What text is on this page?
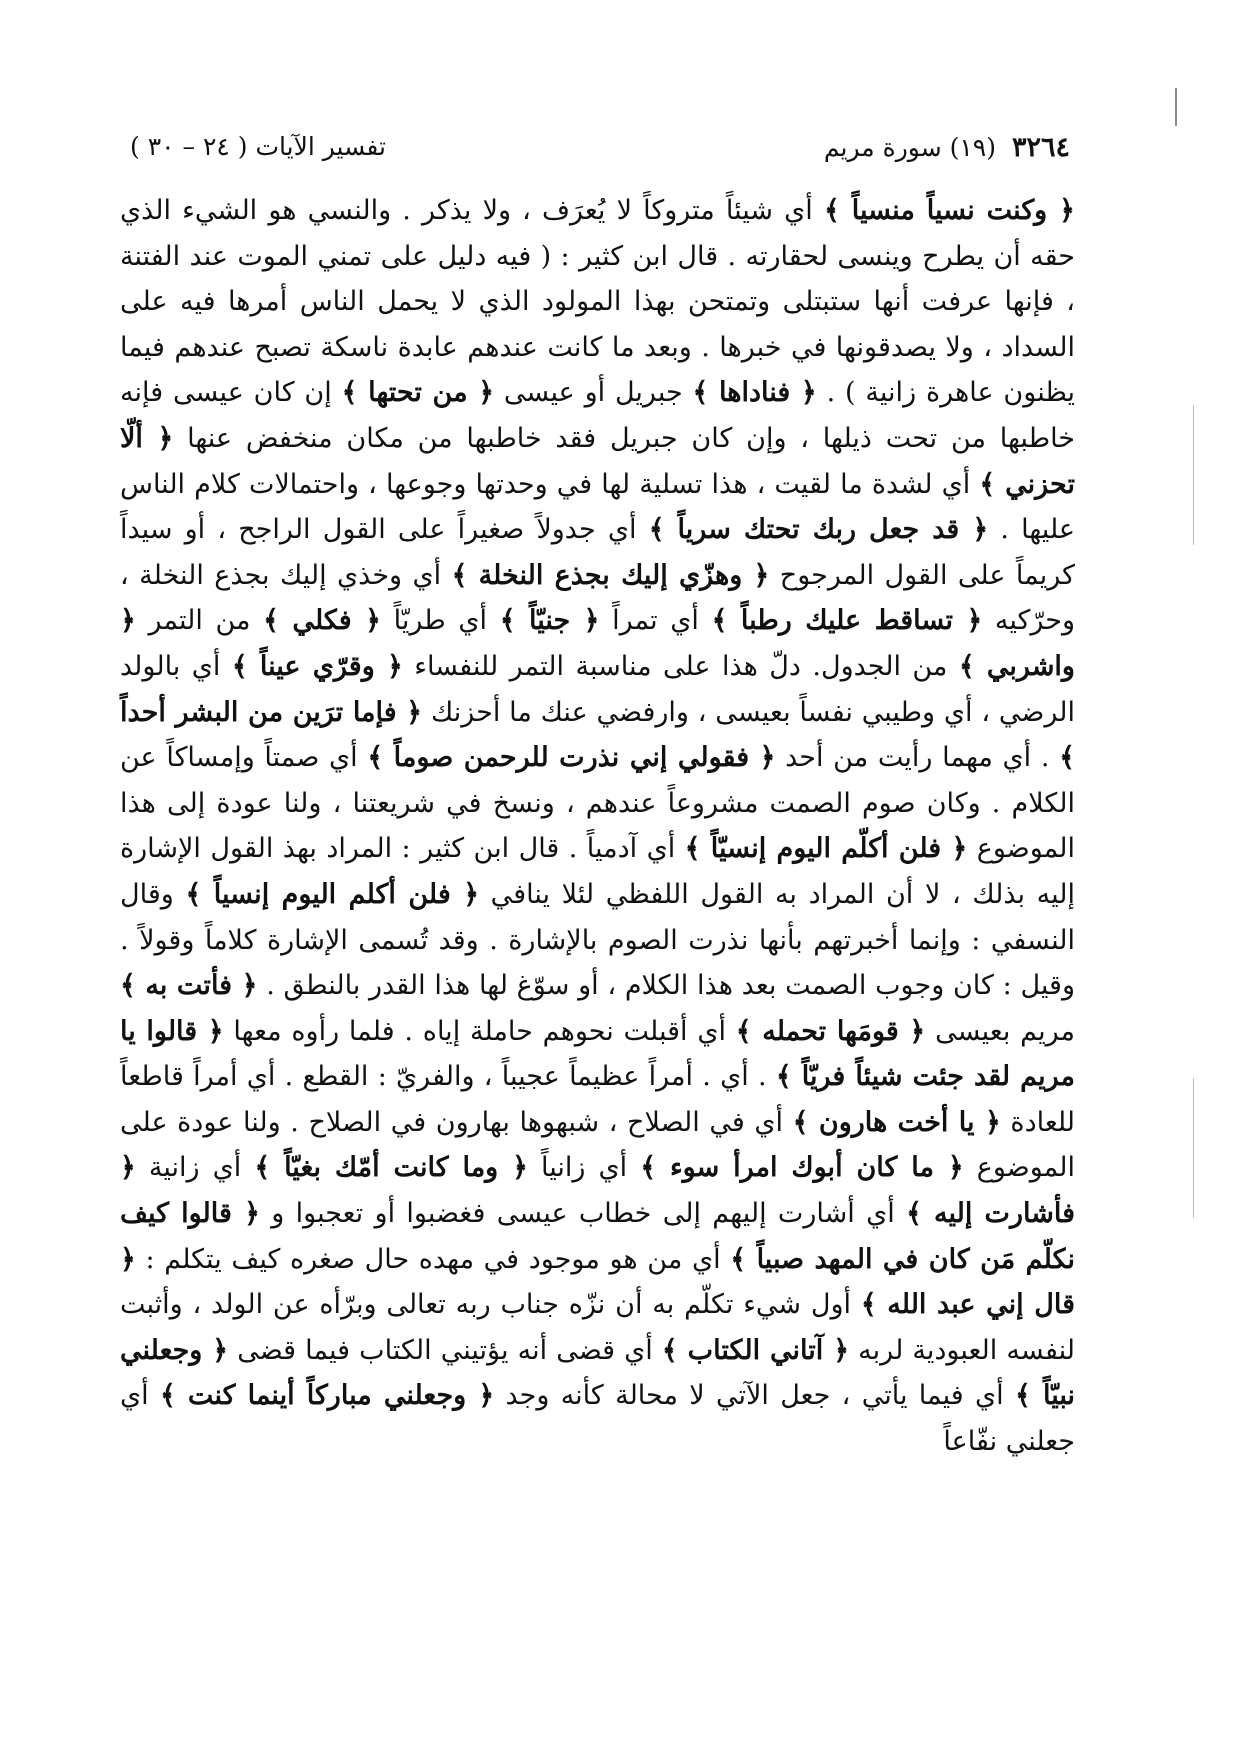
٣٢٦٤
(١٩) سورة مريم
تفسير الآيات ( ٢٤ – ٣٠ )

﴿ وكنت نسياً منسياً ﴾ أي شيئاً متروكاً لا يُعرَف ، ولا يذكر . والنسي هو الشيء الذي حقه أن يطرح وينسى لحقارته . قال ابن كثير : ( فيه دليل على تمني الموت عند الفتنة ، فإنها عرفت أنها ستبتلى وتمتحن بهذا المولود الذي لا يحمل الناس أمرها فيه على السداد ، ولا يصدقونها في خبرها . وبعد ما كانت عندهم عابدة ناسكة تصبح عندهم فيما يظنون عاهرة زانية ) . ﴿ فناداها ﴾ جبريل أو عيسى ﴿ من تحتها ﴾ إن كان عيسى فإنه خاطبها من تحت ذيلها ، وإن كان جبريل فقد خاطبها من مكان منخفض عنها ﴿ ألّا تحزني ﴾ أي لشدة ما لقيت ، هذا تسلية لها في وحدتها وجوعها ، واحتمالات كلام الناس عليها . ﴿ قد جعل ربك تحتك سرياً ﴾ أي جدولاً صغيراً على القول الراجح ، أو سيداً كريماً على القول المرجوح ﴿ وهزّي إليك بجذع النخلة ﴾ أي وخذي إليك بجذع النخلة ، وحرّكيه ﴿ تساقط عليك رطباً ﴾ أي تمراً ﴿ جنيّاً ﴾ أي طريّاً ﴿ فكلي ﴾ من التمر ﴿ واشربي ﴾ من الجدول. دلّ هذا على مناسبة التمر للنفساء ﴿ وقرّي عيناً ﴾ أي بالولد الرضي ، أي وطيبي نفساً بعيسى ، وارفضي عنك ما أحزنك ﴿ فإما ترَين من البشر أحداً ﴾ . أي مهما رأيت من أحد ﴿ فقولي إني نذرت للرحمن صوماً ﴾ أي صمتاً وإمساكاً عن الكلام . وكان صوم الصمت مشروعاً عندهم ، ونسخ في شريعتنا ، ولنا عودة إلى هذا الموضوع ﴿ فلن أكلّم اليوم إنسيّاً ﴾ أي آدمياً . قال ابن كثير : المراد بهذ القول الإشارة إليه بذلك ، لا أن المراد به القول اللفظي لئلا ينافي ﴿ فلن أكلم اليوم إنسياً ﴾ وقال النسفي : وإنما أخبرتهم بأنها نذرت الصوم بالإشارة . وقد تُسمى الإشارة كلاماً وقولاً . وقيل : كان وجوب الصمت بعد هذا الكلام ، أو سوّغ لها هذا القدر بالنطق . ﴿ فأتت به ﴾ مريم بعيسى ﴿ قومَها تحمله ﴾ أي أقبلت نحوهم حاملة إياه . فلما رأوه معها ﴿ قالوا يا مريم لقد جئت شيئاً فريّاً ﴾ . أي . أمراً عظيماً عجيباً ، والفريّ : القطع . أي أمراً قاطعاً للعادة ﴿ يا أخت هارون ﴾ أي في الصلاح ، شبهوها بهارون في الصلاح . ولنا عودة على الموضوع ﴿ ما كان أبوك امرأ سوء ﴾ أي زانياً ﴿ وما كانت أمّك بغيّاً ﴾ أي زانية ﴿ فأشارت إليه ﴾ أي أشارت إليهم إلى خطاب عيسى فغضبوا أو تعجبوا و ﴿ قالوا كيف نكلّم مَن كان في المهد صبياً ﴾ أي من هو موجود في مهده حال صغره كيف يتكلم : ﴿ قال إني عبد الله ﴾ أول شيء تكلّم به أن نزّه جناب ربه تعالى وبرّأه عن الولد ، وأثبت لنفسه العبودية لربه ﴿ آتاني الكتاب ﴾ أي قضى أنه يؤتيني الكتاب فيما قضى ﴿ وجعلني نبيّاً ﴾ أي فيما يأتي ، جعل الآتي لا محالة كأنه وجد ﴿ وجعلني مباركاً أينما كنت ﴾ أي جعلني نفّاعاً
